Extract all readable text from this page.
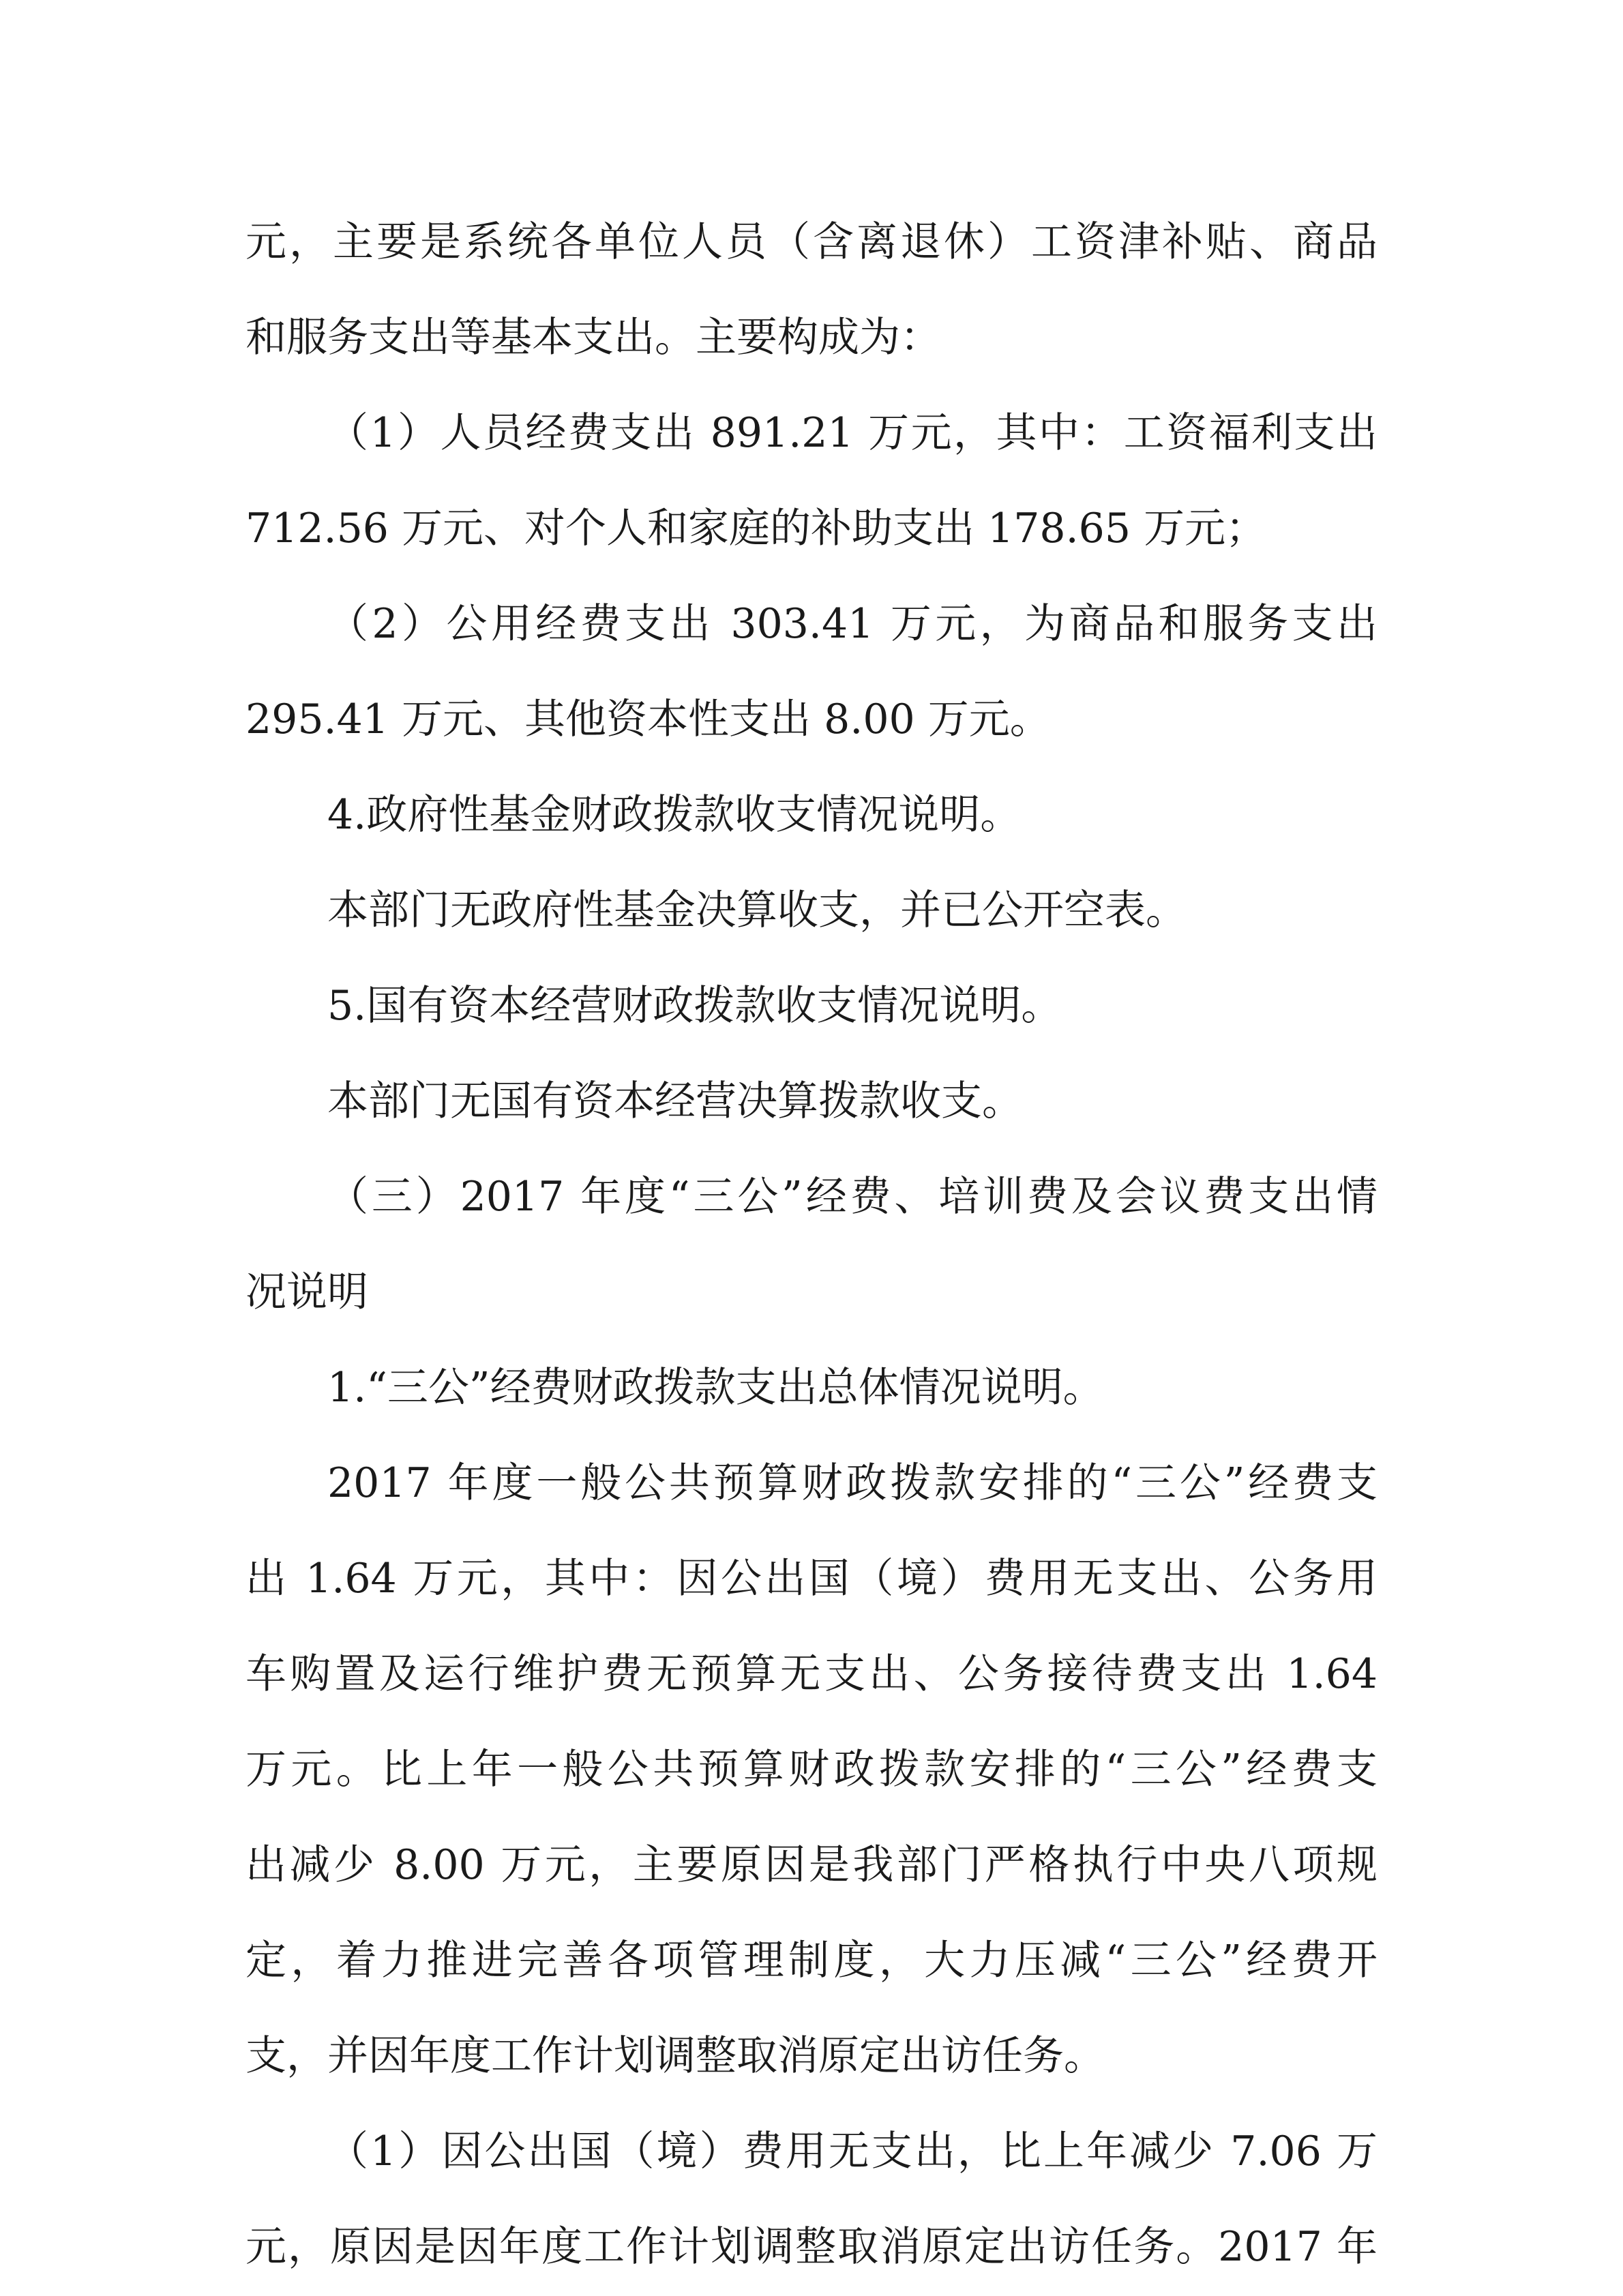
元，主要是系统各单位人员（含离退休）工资津补贴、商品
和服务支出等基本支出。主要构成为：
（1）人员经费支出 891.21 万元，其中：工资福利支出
712.56 万元、对个人和家庭的补助支出 178.65 万元；
（2）公用经费支出 303.41 万元，为商品和服务支出
295.41 万元、其他资本性支出 8.00 万元。
4.政府性基金财政拨款收支情况说明。
本部门无政府性基金决算收支，并已公开空表。
5.国有资本经营财政拨款收支情况说明。
本部门无国有资本经营决算拨款收支。
（三）2017 年度“三公”经费、培训费及会议费支出情
况说明
1.“三公”经费财政拨款支出总体情况说明。
2017 年度一般公共预算财政拨款安排的“三公”经费支
出 1.64 万元，其中：因公出国（境）费用无支出、公务用
车购置及运行维护费无预算无支出、公务接待费支出 1.64
万元。比上年一般公共预算财政拨款安排的“三公”经费支
出减少 8.00 万元，主要原因是我部门严格执行中央八项规
定，着力推进完善各项管理制度，大力压减“三公”经费开
支，并因年度工作计划调整取消原定出访任务。
（1）因公出国（境）费用无支出，比上年减少 7.06 万
元，原因是因年度工作计划调整取消原定出访任务。2017 年
